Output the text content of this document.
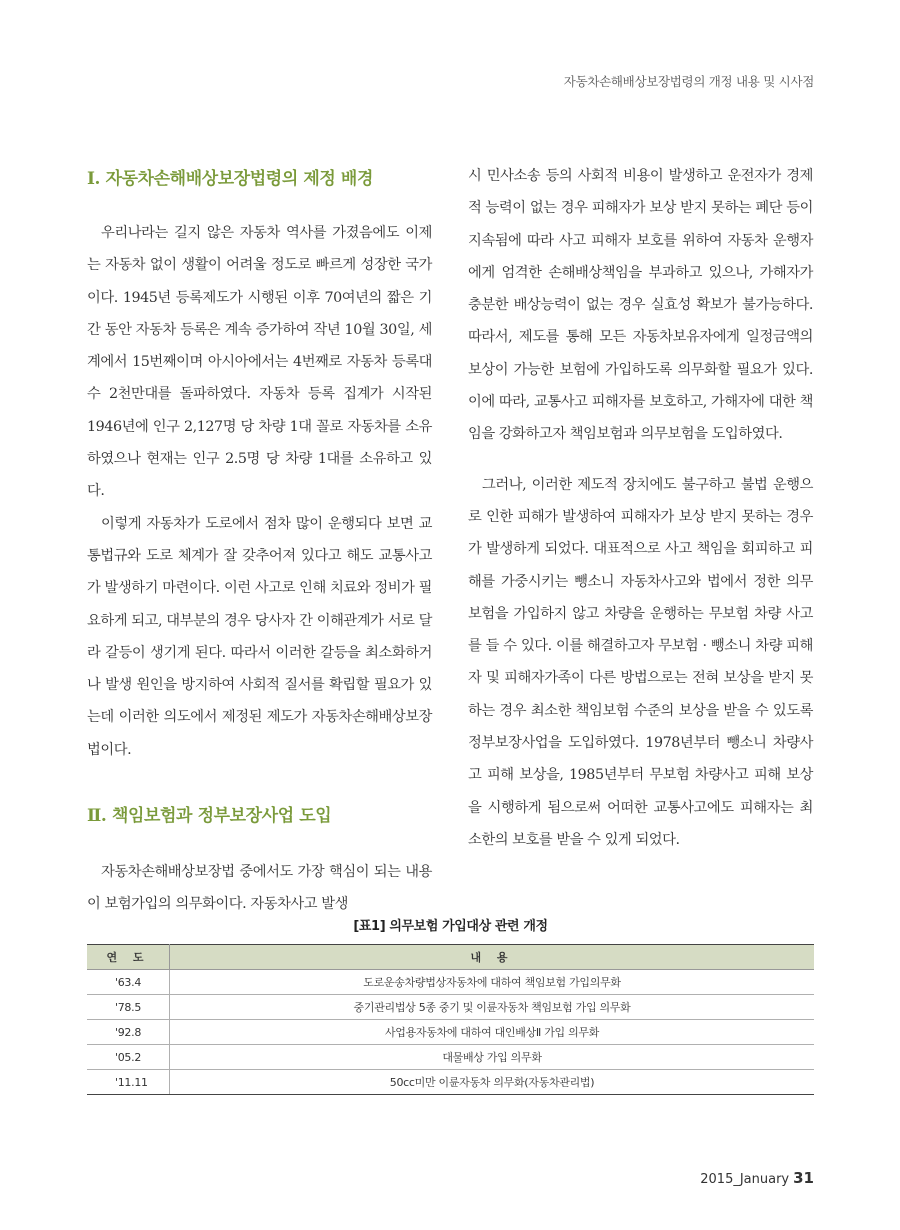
자동차손해배상보장법령의 개정 내용 및 시사점
Ⅰ. 자동차손해배상보장법령의 제정 배경

우리나라는 길지 않은 자동차 역사를 가졌음에도 이제는 자동차 없이 생활이 어려울 정도로 빠르게 성장한 국가이다. 1945년 등록제도가 시행된 이후 70여년의 짧은 기간 동안 자동차 등록은 계속 증가하여 작년 10월 30일, 세계에서 15번째이며 아시아에서는 4번째로 자동차 등록대수 2천만대를 돌파하였다. 자동차 등록 집계가 시작된 1946년에 인구 2,127명 당 차량 1대 꼴로 자동차를 소유하였으나 현재는 인구 2.5명 당 차량 1대를 소유하고 있다.

이렇게 자동차가 도로에서 점차 많이 운행되다 보면 교통법규와 도로 체계가 잘 갖추어져 있다고 해도 교통사고가 발생하기 마련이다. 이런 사고로 인해 치료와 정비가 필요하게 되고, 대부분의 경우 당사자 간 이해관계가 서로 달라 갈등이 생기게 된다. 따라서 이러한 갈등을 최소화하거나 발생 원인을 방지하여 사회적 질서를 확립할 필요가 있는데 이러한 의도에서 제정된 제도가 자동차손해배상보장법이다.

Ⅱ. 책임보험과 정부보장사업 도입

자동차손해배상보장법 중에서도 가장 핵심이 되는 내용이 보험가입의 의무화이다. 자동차사고 발생

시 민사소송 등의 사회적 비용이 발생하고 운전자가 경제적 능력이 없는 경우 피해자가 보상 받지 못하는 폐단 등이 지속됨에 따라 사고 피해자 보호를 위하여 자동차 운행자에게 엄격한 손해배상책임을 부과하고 있으나, 가해자가 충분한 배상능력이 없는 경우 실효성 확보가 불가능하다. 따라서, 제도를 통해 모든 자동차보유자에게 일정금액의 보상이 가능한 보험에 가입하도록 의무화할 필요가 있다. 이에 따라, 교통사고 피해자를 보호하고, 가해자에 대한 책임을 강화하고자 책임보험과 의무보험을 도입하였다.

그러나, 이러한 제도적 장치에도 불구하고 불법 운행으로 인한 피해가 발생하여 피해자가 보상 받지 못하는 경우가 발생하게 되었다. 대표적으로 사고 책임을 회피하고 피해를 가중시키는 뺑소니 자동차사고와 법에서 정한 의무보험을 가입하지 않고 차량을 운행하는 무보험 차량 사고를 들 수 있다. 이를 해결하고자 무보험 · 뺑소니 차량 피해자 및 피해자가족이 다른 방법으로는 전혀 보상을 받지 못하는 경우 최소한 책임보험 수준의 보상을 받을 수 있도록 정부보장사업을 도입하였다. 1978년부터 뺑소니 차량사고 피해 보상을, 1985년부터 무보험 차량사고 피해 보상을 시행하게 됨으로써 어떠한 교통사고에도 피해자는 최소한의 보호를 받을 수 있게 되었다.

[표1] 의무보험 가입대상 관련 개정
연 도	내 용
'63.4	도로운송차량법상자동차에 대하여 책임보험 가입의무화
'78.5	중기관리법상 5종 중기 및 이륜자동차 책임보험 가입 의무화
'92.8	사업용자동차에 대하여 대인배상Ⅱ 가입 의무화
'05.2	대물배상 가입 의무화
'11.11	50cc미만 이륜자동차 의무화(자동차관리법)
2015_January 31
